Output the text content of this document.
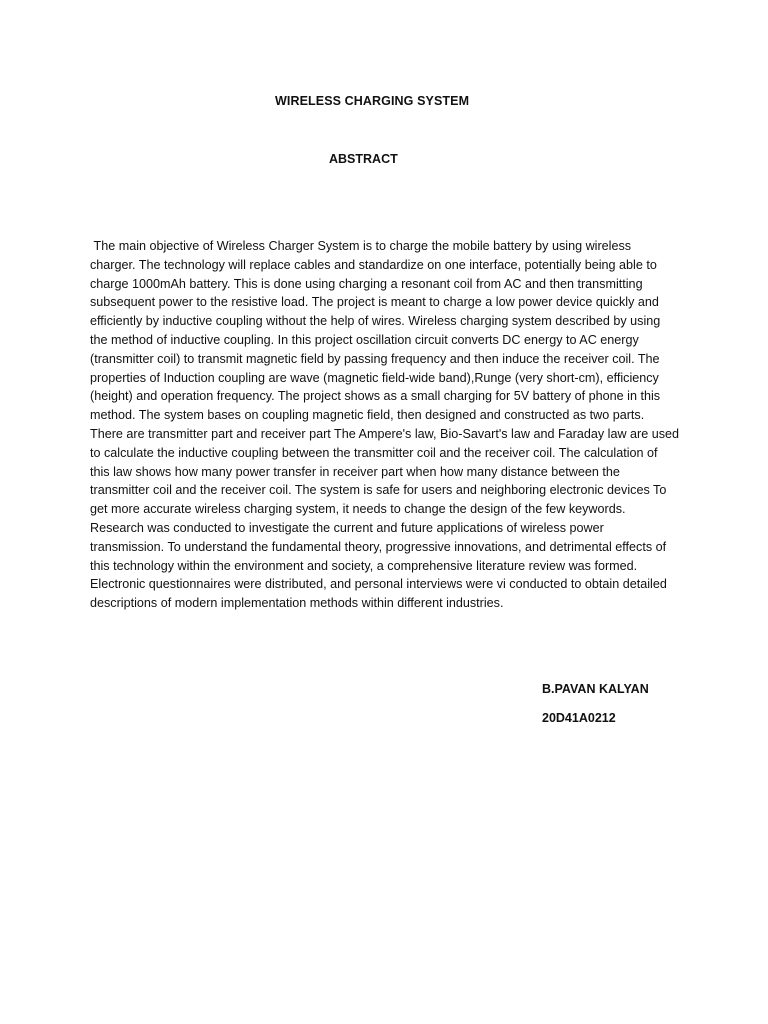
WIRELESS CHARGING SYSTEM
ABSTRACT

The main objective of Wireless Charger System is to charge the mobile battery by using wireless charger. The technology will replace cables and standardize on one interface, potentially being able to charge 1000mAh battery. This is done using charging a resonant coil from AC and then transmitting subsequent power to the resistive load. The project is meant to charge a low power device quickly and efficiently by inductive coupling without the help of wires. Wireless charging system described by using the method of inductive coupling. In this project oscillation circuit converts DC energy to AC energy (transmitter coil) to transmit magnetic field by passing frequency and then induce the receiver coil. The properties of Induction coupling are wave (magnetic field-wide band),Runge (very short-cm), efficiency (height) and operation frequency. The project shows as a small charging for 5V battery of phone in this method. The system bases on coupling magnetic field, then designed and constructed as two parts. There are transmitter part and receiver part The Ampere's law, Bio-Savart's law and Faraday law are used to calculate the inductive coupling between the transmitter coil and the receiver coil. The calculation of this law shows how many power transfer in receiver part when how many distance between the transmitter coil and the receiver coil. The system is safe for users and neighboring electronic devices To get more accurate wireless charging system, it needs to change the design of the few keywords. Research was conducted to investigate the current and future applications of wireless power transmission. To understand the fundamental theory, progressive innovations, and detrimental effects of this technology within the environment and society, a comprehensive literature review was formed. Electronic questionnaires were distributed, and personal interviews were vi conducted to obtain detailed descriptions of modern implementation methods within different industries.

B.PAVAN KALYAN
20D41A0212
